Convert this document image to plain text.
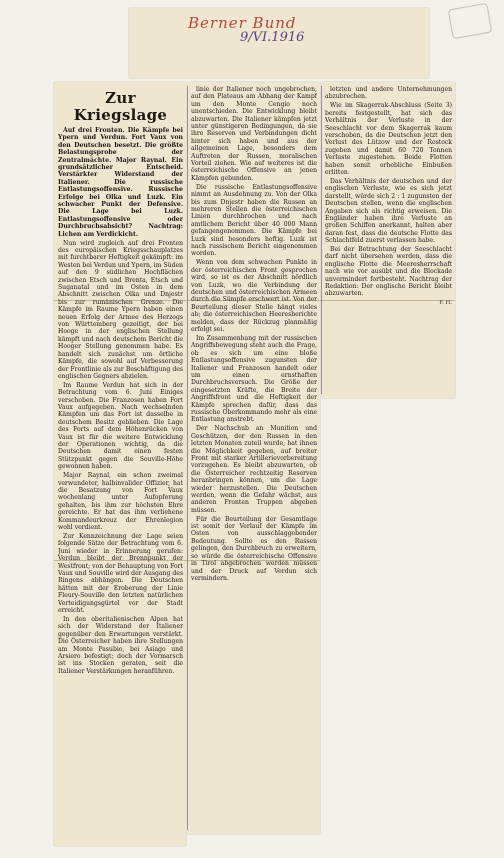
Berner Bund
9/VI.1916
Zur Kriegslage

Auf drei Fronten. Die Kämpfe bei Ypern und Verdun. Fort Vaux von den Deutschen besetzt. Die größte Belastungsprobe der Zentralmächte. Major Raynal. Ein grundsätzlicher Entscheid. Verstärkter Widerstand der Italiener. Die russische Entlastungsoffensive. Russische Erfolge bei Olka und Luzk. Ein schwacher Punkt der Defensive. Die Lage bei Luzk. Entlastungsoffensive oder Durchbruchsabsicht? Nachtrag: Lichen am Verdickicht.

Nun wird zugleich auf drei Fronten des europäischen Kriegsschauplatzes mit furchtbarer Heftigkeit gekämpft: im Westen bei Verdun und Ypern, im Süden auf den 9 südlichen Hochflächen zwischen Etsch und Brenta, Etsch und Suganatal und im Osten in dem Abschnitt zwischen Olka und Dnjestr bis zur rumänischen Grenze. Die Kämpfe im Raume Ypern haben einen neuen Erfolg der Armee des Herzogs von Württemberg gezeitigt, der bei Hooge in der englischen Stellung kämpft und nach deutschem Bericht die Hooger Stellung genommen habe. Es handelt sich zunächst um örtliche Kämpfe, die sowohl auf Verbesserung der Frontlinie als zur Beschäftigung des englischen Gegners abzielen.

Im Raume Verdun hat sich in der Betrachtung vom 6. Juni Einiges verschoben. Die Franzosen haben Fort Vaux aufgegeben. Nach wechselnden Kämpfen um das Fort ist dasselbe in deutschem Besitz geblieben. Die Lage des Forts auf dem Höhenrücken von Vaux ist für die weitere Entwicklung der Operationen wichtig, da die Deutschen damit einen festen Stützpunkt gegen die Souville-Höhe gewonnen haben.

Major Raynal, ein schon zweimal verwundeter, halbinvalider Offizier, hat die Besatzung von Fort Vaux wochenlang unter Aufopferung gehalten, bis ihm zur höchsten Ehre gereichte. Er hat das ihm verliehene Kommandeurkreuz der Ehrenlegion wohl verdient.

Zur Kennzeichnung der Lage seien folgende Sätze der Betrachtung vom 6. Juni wieder in Erinnerung gerufen: Verdun bleibt der Brennpunkt der Westfront; von der Behauptung von Fort Vaux und Souville wird der Ausgang des Ringens abhängen. Die Deutschen hätten mit der Eroberung der Linie Fleury-Souville den letzten natürlichen Verteidigungsgürtel vor der Stadt erreicht.

In den oberitalienischen Alpen hat sich der Widerstand der Italiener gegenüber den Erwartungen verstärkt. Die Österreicher haben ihre Stellungen am Monte Pasubio, bei Asiago und Arsiero befestigt; doch der Vormarsch ist ins Stocken geraten, seit die Italiener Verstärkungen heranführen.

linie der Italiener noch ungebrochen, auf den Plateaus am Abhang der Kampf um den Monte Cengio noch unentschieden. Die Entwicklung bleibt abzuwarten. Die Italiener kämpfen jetzt unter günstigeren Bedingungen, da sie ihre Reserven und Verbindungen dicht hinter sich haben und aus der allgemeinen Lage, besonders dem Auftreten der Russen, moralischen Vorteil ziehen. Wie auf weiteres ist die österreichische Offensive an jenen Kämpfen gebunden.

Die russische Entlastungsoffensive nimmt an Ausdehnung zu. Von der Olka bis zum Dnjestr haben die Russen an mehreren Stellen die österreichischen Linien durchbrochen und nach amtlichem Bericht über 40 000 Mann gefangengenommen. Die Kämpfe bei Luzk sind besonders heftig. Luzk ist nach russischem Bericht eingenommen worden.

Wenn von dem schwachen Punkte in der österreichischen Front gesprochen wird, so ist es der Abschnitt nördlich von Luzk, wo die Verbindung der deutschen und österreichischen Armeen durch die Sümpfe erschwert ist. Von der Beurteilung dieser Stelle hängt vieles ab; die österreichischen Heeresberichte melden, dass der Rückzug planmäßig erfolgt sei.

Im Zusammenhang mit der russischen Angriffsbewegung steht auch die Frage, ob es sich um eine bloße Entlastungsoffensive zugunsten der Italiener und Franzosen handelt oder um einen ernsthaften Durchbruchsversuch. Die Größe der eingesetzten Kräfte, die Breite der Angriffsfront und die Heftigkeit der Kämpfe sprechen dafür, dass das russische Oberkommando mehr als eine Entlastung anstrebt.

Der Nachschub an Munition und Geschützen, der den Russen in den letzten Monaten zuteil wurde, hat ihnen die Möglichkeit gegeben, auf breiter Front mit starker Artillerievorbereitung vorzugehen. Es bleibt abzuwarten, ob die Österreicher rechtzeitig Reserven heranbringen können, um die Lage wieder herzustellen. Die Deutschen werden, wenn die Gefahr wächst, aus anderen Fronten Truppen abgeben müssen.

Für die Beurteilung der Gesamtlage ist somit der Verlauf der Kämpfe im Osten von ausschlaggebender Bedeutung. Sollte es den Russen gelingen, den Durchbruch zu erweitern, so würde die österreichische Offensive in Tirol abgebrochen werden müssen und der Druck auf Verdun sich vermindern.

letzten und andere Unternehmungen abzubrechen.

Wie im Skagerrak-Abschluss (Seite 3) bereits festgestellt, hat sich das Verhältnis der Verluste in der Seeschlacht vor dem Skagerrak kaum verschoben, da die Deutschen jetzt den Verlust des Lützow und der Rostock zugeben und damit 60 720 Tonnen Verluste zugestehen. Beide Flotten haben somit erhebliche Einbußen erlitten.

Das Verhältnis der deutschen und der englischen Verluste, wie es sich jetzt darstellt, würde sich 2 : 1 zugunsten der Deutschen stellen, wenn die englischen Angaben sich als richtig erweisen. Die Engländer haben ihre Verluste an großen Schiffen anerkannt, halten aber daran fest, dass die deutsche Flotte das Schlachtfeld zuerst verlassen habe.

Bei der Betrachtung der Seeschlacht darf nicht übersehen werden, dass die englische Flotte die Meeresherrschaft nach wie vor ausübt und die Blockade unvermindert fortbesteht. Nachtrag der Redaktion: Der englische Bericht bleibt abzuwarten.

F. H.
